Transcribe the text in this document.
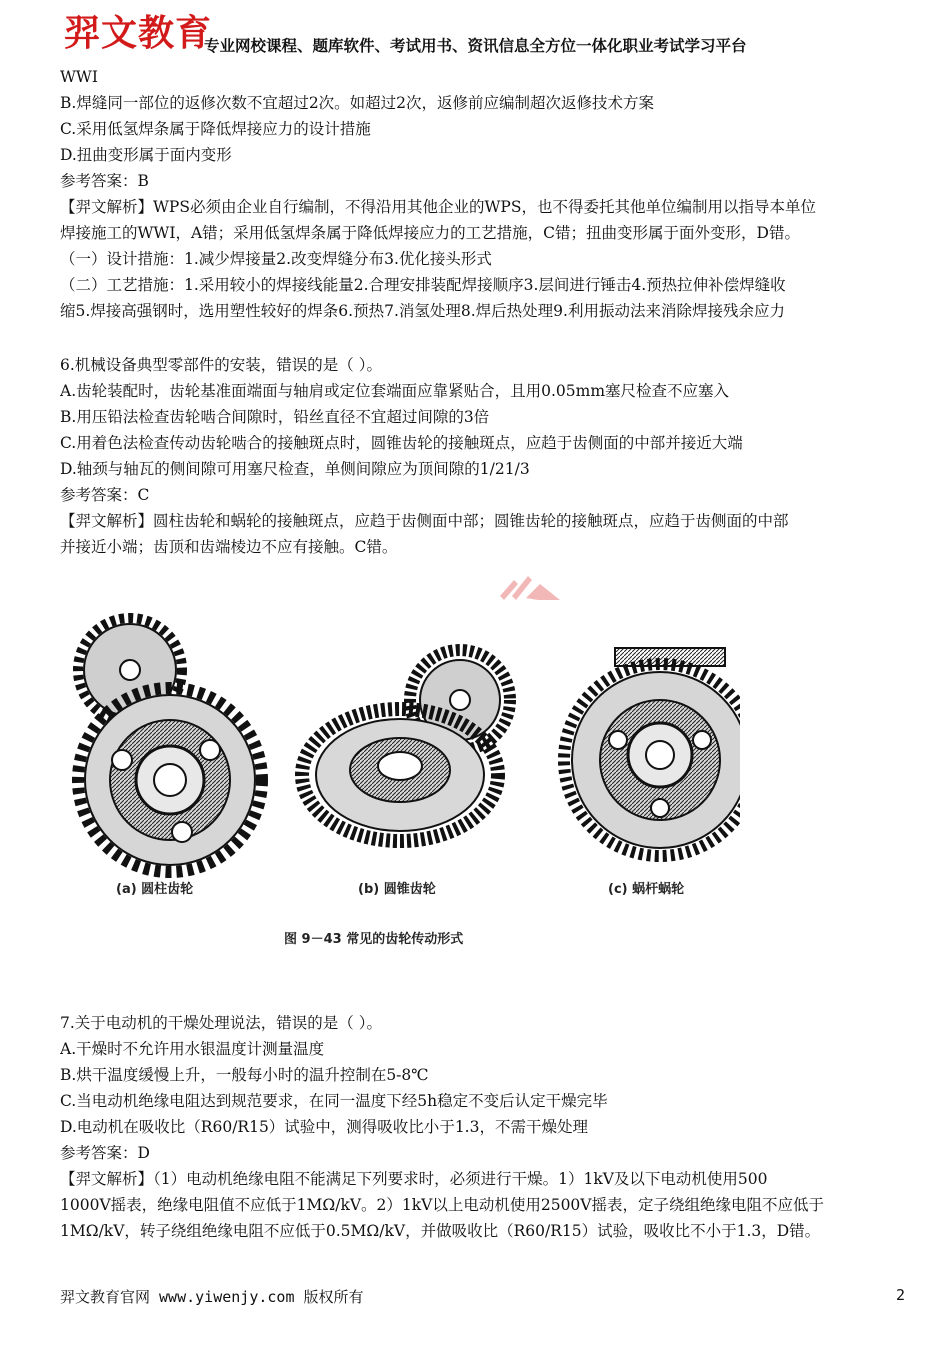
羿文教育
专业网校课程、题库软件、考试用书、资讯信息全方位一体化职业考试学习平台
WWI
B.焊缝同一部位的返修次数不宜超过2次。如超过2次，返修前应编制超次返修技术方案
C.采用低氢焊条属于降低焊接应力的设计措施
D.扭曲变形属于面内变形
参考答案：B
【羿文解析】WPS必须由企业自行编制，不得沿用其他企业的WPS，也不得委托其他单位编制用以指导本单位
焊接施工的WWI，A错；采用低氢焊条属于降低焊接应力的工艺措施，C错；扭曲变形属于面外变形，D错。
（一）设计措施：1.减少焊接量2.改变焊缝分布3.优化接头形式
（二）工艺措施：1.采用较小的焊接线能量2.合理安排装配焊接顺序3.层间进行锤击4.预热拉伸补偿焊缝收
缩5.焊接高强钢时，选用塑性较好的焊条6.预热7.消氢处理8.焊后热处理9.利用振动法来消除焊接残余应力
6.机械设备典型零部件的安装，错误的是（ ）。
A.齿轮装配时，齿轮基准面端面与轴肩或定位套端面应靠紧贴合，且用0.05mm塞尺检查不应塞入
B.用压铅法检查齿轮啮合间隙时，铅丝直径不宜超过间隙的3倍
C.用着色法检查传动齿轮啮合的接触斑点时，圆锥齿轮的接触斑点，应趋于齿侧面的中部并接近大端
D.轴颈与轴瓦的侧间隙可用塞尺检查，单侧间隙应为顶间隙的1/21/3
参考答案：C
【羿文解析】圆柱齿轮和蜗轮的接触斑点，应趋于齿侧面中部；圆锥齿轮的接触斑点，应趋于齿侧面的中部
并接近小端；齿顶和齿端棱边不应有接触。C错。
(a) 圆柱齿轮	(b) 圆锥齿轮	(c) 蜗杆蜗轮
图 9－43 常见的齿轮传动形式
7.关于电动机的干燥处理说法，错误的是（ ）。
A.干燥时不允许用水银温度计测量温度
B.烘干温度缓慢上升，一般每小时的温升控制在5-8℃
C.当电动机绝缘电阻达到规范要求，在同一温度下经5h稳定不变后认定干燥完毕
D.电动机在吸收比（R60/R15）试验中，测得吸收比小于1.3，不需干燥处理
参考答案：D
【羿文解析】（1）电动机绝缘电阻不能满足下列要求时，必须进行干燥。1）1kV及以下电动机使用500
1000V摇表，绝缘电阻值不应低于1MΩ/kV。2）1kV以上电动机使用2500V摇表，定子绕组绝缘电阻不应低于
1MΩ/kV，转子绕组绝缘电阻不应低于0.5MΩ/kV，并做吸收比（R60/R15）试验，吸收比不小于1.3，D错。
羿文教育官网 www.yiwenjy.com 版权所有	2
